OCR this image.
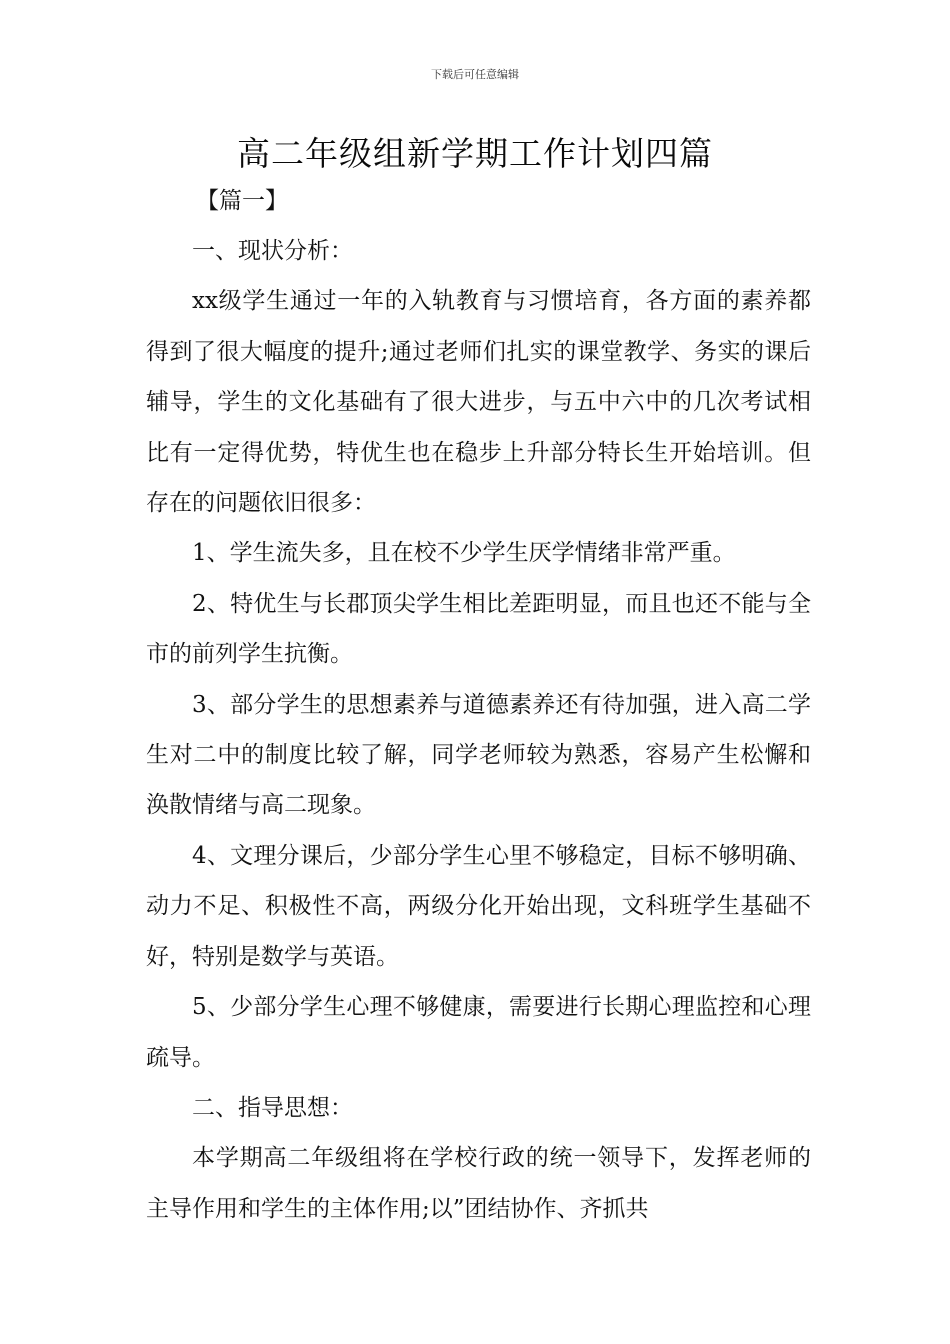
下载后可任意编辑
高二年级组新学期工作计划四篇
【篇一】

一、现状分析：

xx级学生通过一年的入轨教育与习惯培育，各方面的素养都得到了很大幅度的提升;通过老师们扎实的课堂教学、务实的课后辅导，学生的文化基础有了很大进步，与五中六中的几次考试相比有一定得优势，特优生也在稳步上升部分特长生开始培训。但存在的问题依旧很多：

1、学生流失多，且在校不少学生厌学情绪非常严重。

2、特优生与长郡顶尖学生相比差距明显，而且也还不能与全市的前列学生抗衡。

3、部分学生的思想素养与道德素养还有待加强，进入高二学生对二中的制度比较了解，同学老师较为熟悉，容易产生松懈和涣散情绪与高二现象。

4、文理分课后，少部分学生心里不够稳定，目标不够明确、动力不足、积极性不高，两级分化开始出现，文科班学生基础不好，特别是数学与英语。

5、少部分学生心理不够健康，需要进行长期心理监控和心理疏导。

二、指导思想：

本学期高二年级组将在学校行政的统一领导下，发挥老师的主导作用和学生的主体作用;以”团结协作、齐抓共
